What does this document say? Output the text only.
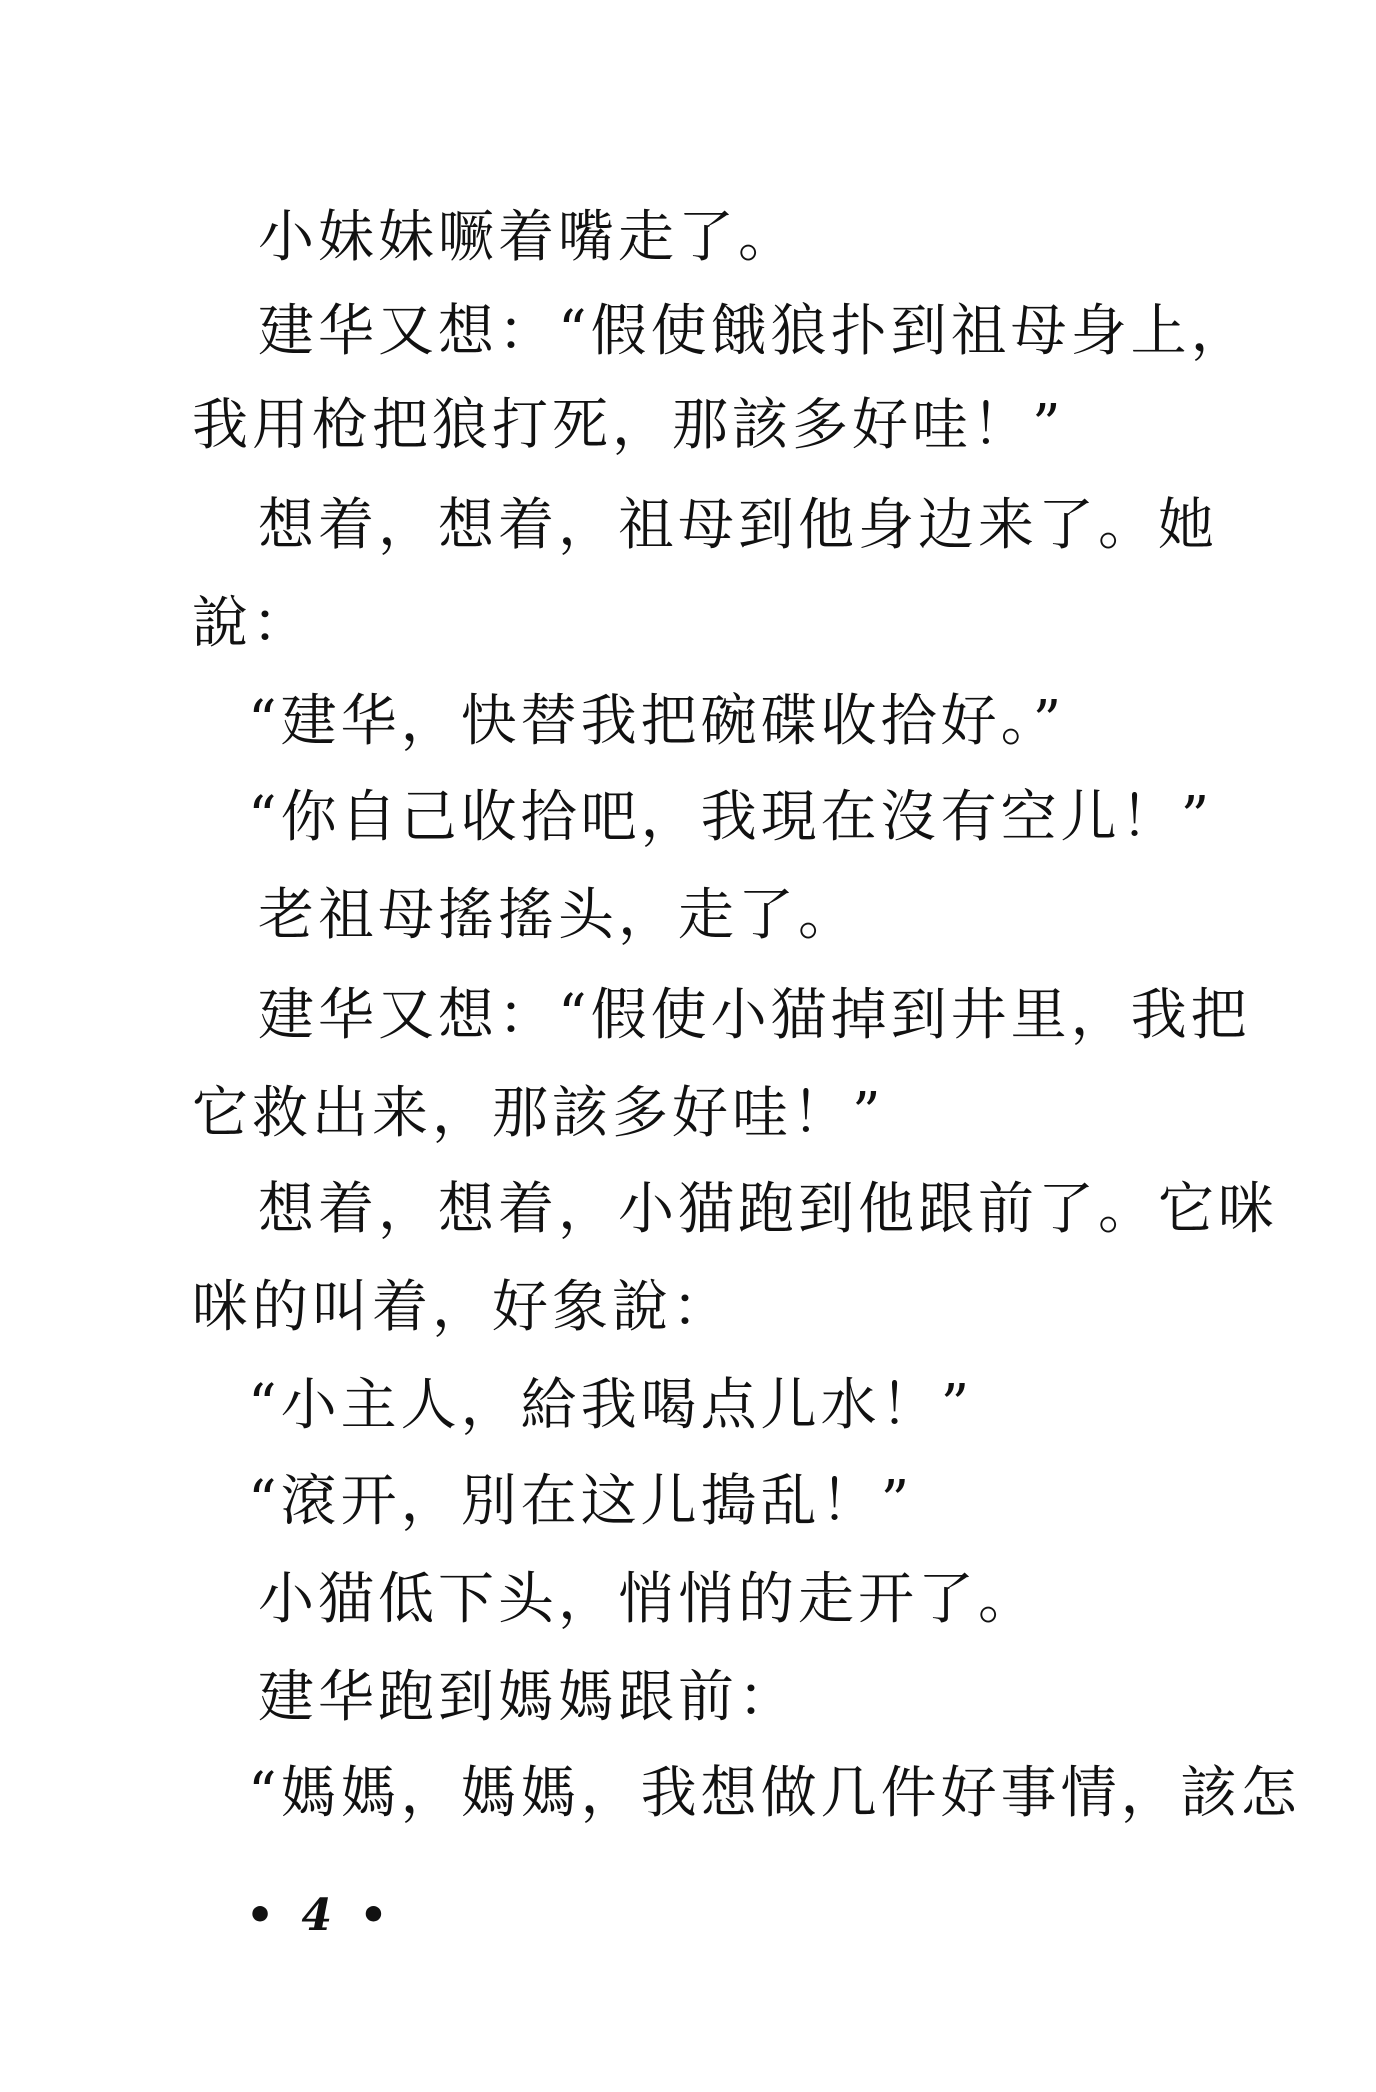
小妹妹噘着嘴走了。
建华又想：“假使餓狼扑到祖母身上，
我用枪把狼打死，那該多好哇！”
想着，想着，祖母到他身边来了。她
說：
“建华，快替我把碗碟收拾好。”
“你自己收拾吧，我現在沒有空儿！”
老祖母搖搖头，走了。
建华又想：“假使小猫掉到井里，我把
它救出来，那該多好哇！”
想着，想着，小猫跑到他跟前了。它咪
咪的叫着，好象說：
“小主人，給我喝点儿水！”
“滾开，別在这儿搗乱！”
小猫低下头，悄悄的走开了。
建华跑到媽媽跟前：
“媽媽，媽媽，我想做几件好事情，該怎
• 4 •
